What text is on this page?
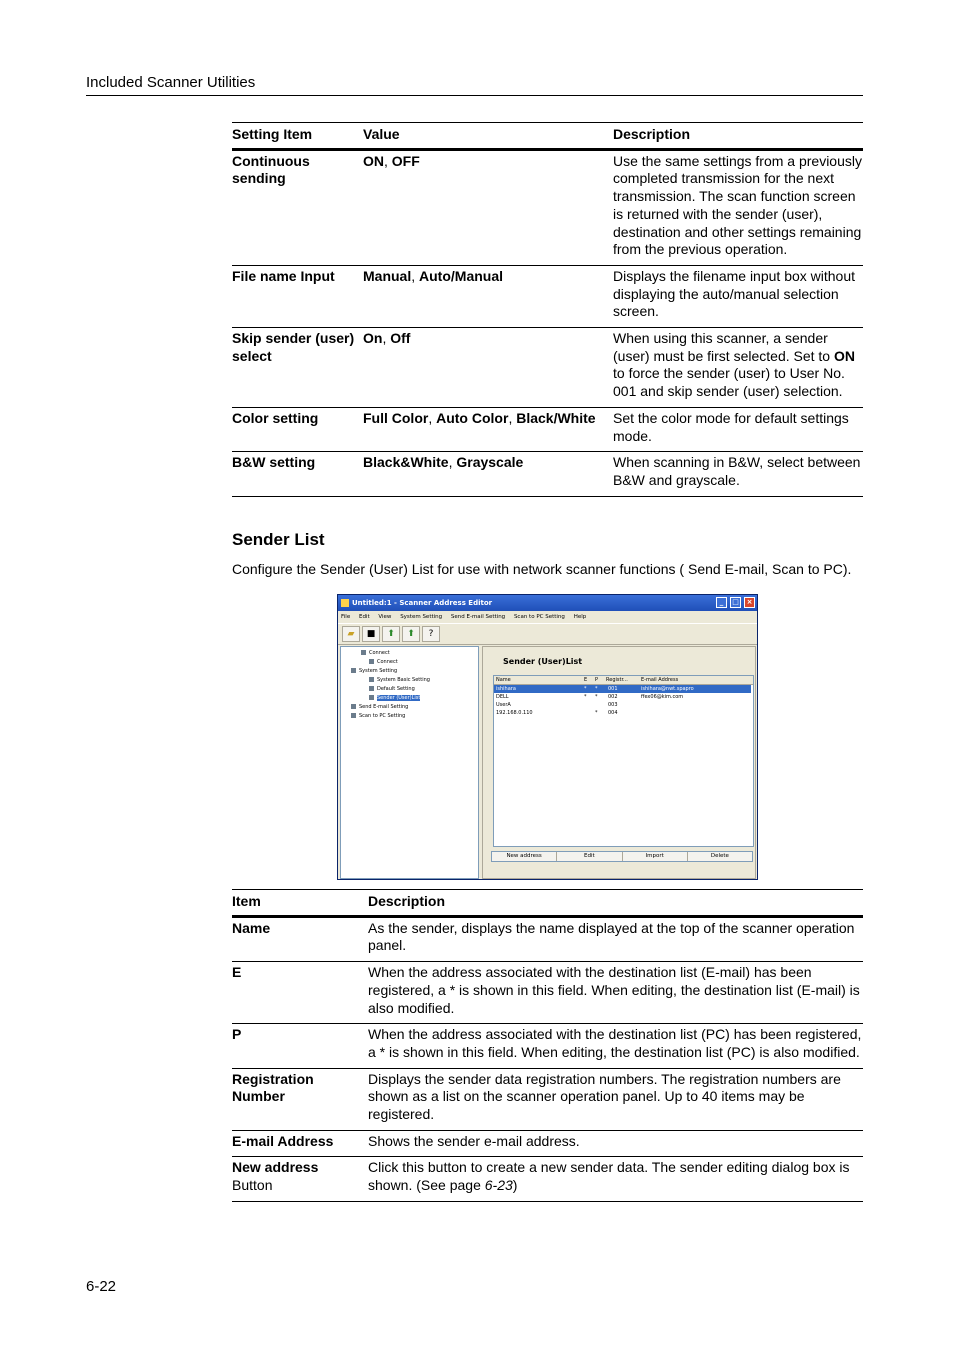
Included Scanner Utilities
Setting Item	Value	Description
Continuous sending	ON, OFF	Use the same settings from a previously completed transmission for the next transmission. The scan function screen is returned with the sender (user), destination and other settings remaining from the previous operation.
File name Input	Manual, Auto/Manual	Displays the filename input box without displaying the auto/manual selection screen.
Skip sender (user) select	On, Off	When using this scanner, a sender (user) must be first selected. Set to ON to force the sender (user) to User No. 001 and skip sender (user) selection.
Color setting	Full Color, Auto Color, Black/White	Set the color mode for default settings mode.
B&W setting	Black&White, Grayscale	When scanning in B&W, select between B&W and grayscale.
Sender List
Configure the Sender (User) List for use with network scanner functions ( Send E-mail, Scan to PC).
Untitled:1 - Scanner Address Editor	_	□	×
File Edit View System Setting Send E-mail Setting Scan to PC Setting Help
▰	■	⬆	⬆	?
Connect
Connect
System Setting
System Basic Setting
Default Setting
Sender (User)List
Send E-mail Setting
Scan to PC Setting
Sender (User)List
Name	E P Registr...	E-mail Address
ishihara	* * 001	ishihara@nwt.spapro
DELL	* * 002	ffex06@kim.com
UserA	003
192.168.0.110	* 004
New address	Edit	Import	Delete
Item	Description
Name	As the sender, displays the name displayed at the top of the scanner operation panel.
E	When the address associated with the destination list (E-mail) has been registered, a * is shown in this field. When editing, the destination list (E-mail) is also modified.
P	When the address associated with the destination list (PC) has been registered, a * is shown in this field. When editing, the destination list (PC) is also modified.
Registration Number	Displays the sender data registration numbers. The registration numbers are shown as a list on the scanner operation panel. Up to 40 items may be registered.
E-mail Address	Shows the sender e-mail address.
New address
Button	Click this button to create a new sender data. The sender editing dialog box is shown. (See page 6-23)
6-22
